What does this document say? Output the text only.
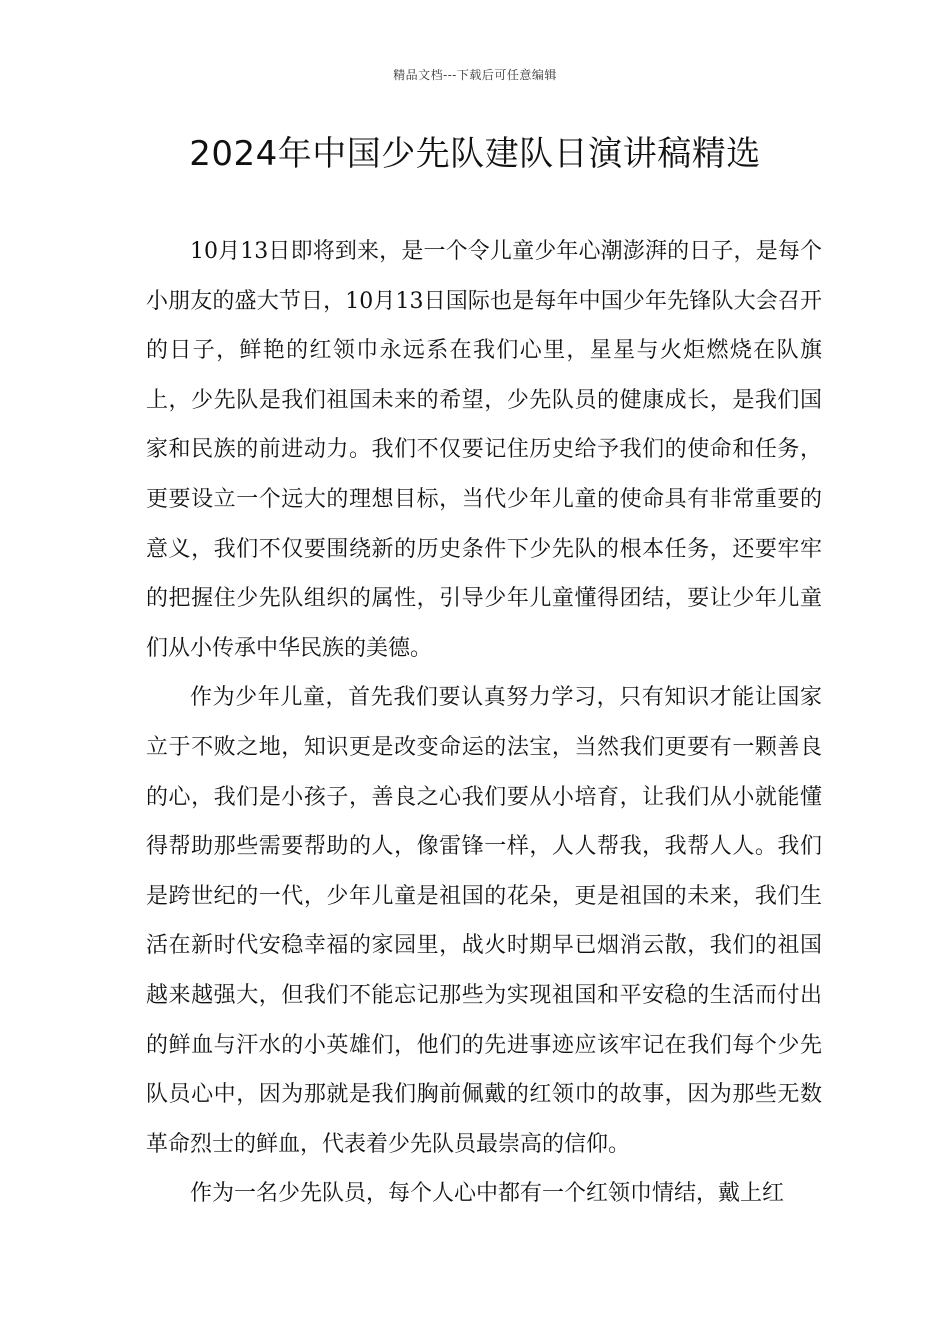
精品文档---下载后可任意编辑
2024年中国少先队建队日演讲稿精选

10月13日即将到来，是一个令儿童少年心潮澎湃的日子，是每个小朋友的盛大节日，10月13日国际也是每年中国少年先锋队大会召开的日子，鲜艳的红领巾永远系在我们心里，星星与火炬燃烧在队旗上，少先队是我们祖国未来的希望，少先队员的健康成长，是我们国家和民族的前进动力。我们不仅要记住历史给予我们的使命和任务，更要设立一个远大的理想目标，当代少年儿童的使命具有非常重要的意义，我们不仅要围绕新的历史条件下少先队的根本任务，还要牢牢的把握住少先队组织的属性，引导少年儿童懂得团结，要让少年儿童们从小传承中华民族的美德。

作为少年儿童，首先我们要认真努力学习，只有知识才能让国家立于不败之地，知识更是改变命运的法宝，当然我们更要有一颗善良的心，我们是小孩子，善良之心我们要从小培育，让我们从小就能懂得帮助那些需要帮助的人，像雷锋一样，人人帮我，我帮人人。我们是跨世纪的一代，少年儿童是祖国的花朵，更是祖国的未来，我们生活在新时代安稳幸福的家园里，战火时期早已烟消云散，我们的祖国越来越强大，但我们不能忘记那些为实现祖国和平安稳的生活而付出的鲜血与汗水的小英雄们，他们的先进事迹应该牢记在我们每个少先队员心中，因为那就是我们胸前佩戴的红领巾的故事，因为那些无数革命烈士的鲜血，代表着少先队员最崇高的信仰。

作为一名少先队员，每个人心中都有一个红领巾情结，戴上红
